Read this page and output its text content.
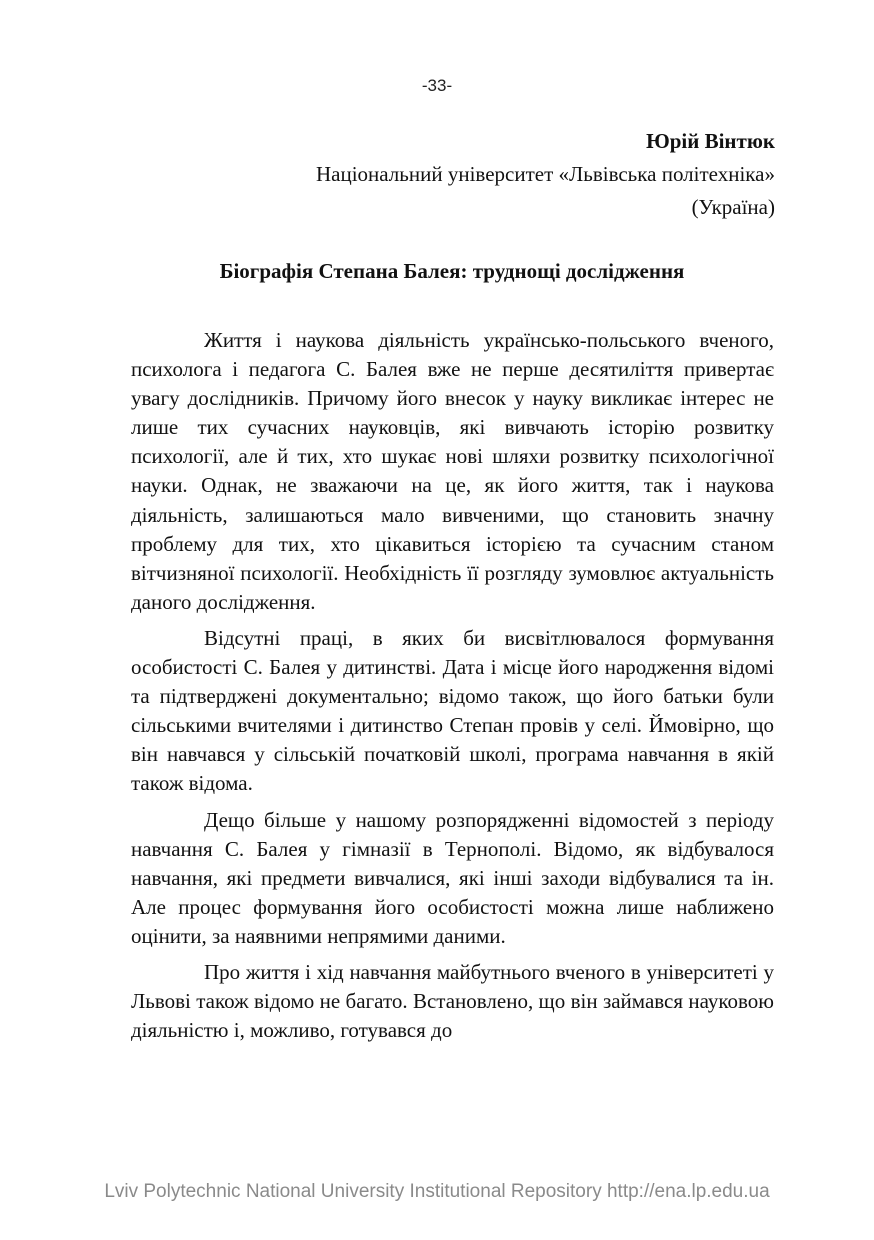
-33-
Юрій Вінтюк
Національний університет «Львівська політехніка»
(Україна)
Біографія Степана Балея: труднощі дослідження

Життя і наукова діяльність українсько-польського вченого, психолога і педагога С. Балея вже не перше десятиліття привертає увагу дослідників. Причому його внесок у науку викликає інтерес не лише тих сучасних науковців, які вивчають історію розвитку психології, але й тих, хто шукає нові шляхи розвитку психологічної науки. Однак, не зважаючи на це, як його життя, так і наукова діяльність, залишаються мало вивченими, що становить значну проблему для тих, хто цікавиться історією та сучасним станом вітчизняної психології. Необхідність її розгляду зумовлює актуальність даного дослідження.

Відсутні праці, в яких би висвітлювалося формування особистості С. Балея у дитинстві. Дата і місце його народження відомі та підтверджені документально; відомо також, що його батьки були сільськими вчителями і дитинство Степан провів у селі. Ймовірно, що він навчався у сільській початковій школі, програма навчання в якій також відома.

Дещо більше у нашому розпорядженні відомостей з періоду навчання С. Балея у гімназії в Тернополі. Відомо, як відбувалося навчання, які предмети вивчалися, які інші заходи відбувалися та ін. Але процес формування його особистості можна лише наближено оцінити, за наявними непрямими даними.

Про життя і хід навчання майбутнього вченого в університеті у Львові також відомо не багато. Встановлено, що він займався науковою діяльністю і, можливо, готувався до

Lviv Polytechnic National University Institutional Repository http://ena.lp.edu.ua
